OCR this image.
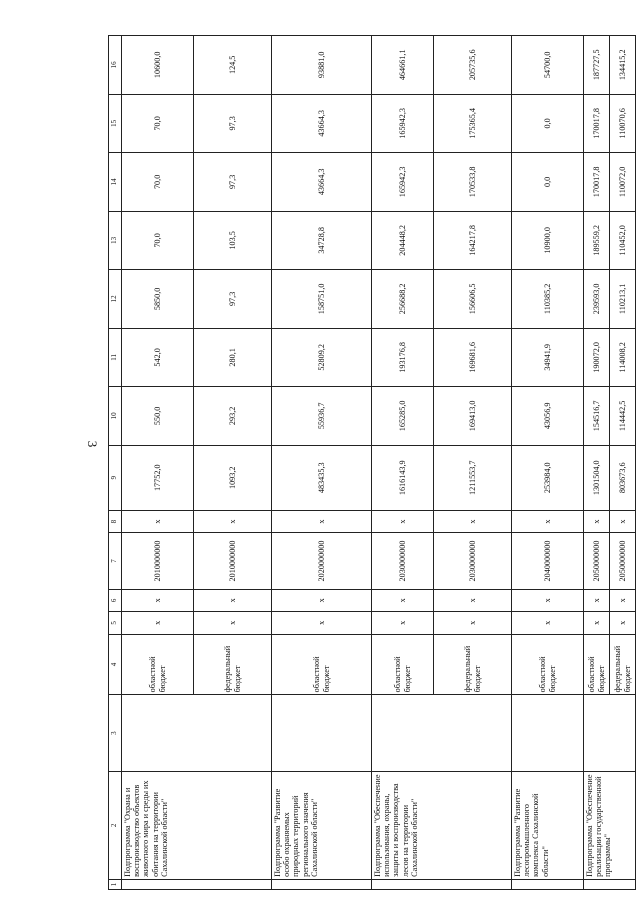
3
1	2	3	4	5	6	7	8	9	10	11	12	13	14	15	16
	Подпрограмма "Охрана и воспроизводство объектов животного мира и среды их обитания на территории Сахалинской области"		областной бюджет	x	x	2010000000	x	17752,0	550,0	542,0	5850,0	70,0	70,0	70,0	10600,0
			федеральный бюджет	x	x	2010000000	x	1093,2	293,2	280,1	97,3	103,5	97,3	97,3	124,5
	Подпрограмма "Развитие особо охраняемых природных территорий регионального значения Сахалинской области"		областной бюджет	x	x	2020000000	x	483435,3	55936,7	52809,2	158751,0	34728,8	43664,3	43664,3	93881,0
	Подпрограмма "Обеспечение использования, охраны, защиты и воспроизводства лесов на территории Сахалинской области"		областной бюджет	x	x	2030000000	x	1616143,9	165285,0	193176,8	256688,2	204448,2	165942,3	165942,3	464661,1
			федеральный бюджет	x	x	2030000000	x	1211553,7	169413,0	169681,6	156606,5	164217,8	170533,8	175365,4	205735,6
	Подпрограмма "Развитие лесопромышленного комплекса Сахалинской области"		областной бюджет	x	x	2040000000	x	253984,0	43056,9	34941,9	110385,2	10900,0	0,0	0,0	54700,0
	Подпрограмма "Обеспечение реализации государственной программы"		областной бюджет	x	x	2050000000	x	1301504,0	154516,7	190072,0	239593,0	189559,2	170017,8	170017,8	187727,5
			федеральный бюджет	x	x	2050000000	x	803673,6	114442,5	114008,2	110213,1	110452,0	110072,0	110070,6	134415,2
